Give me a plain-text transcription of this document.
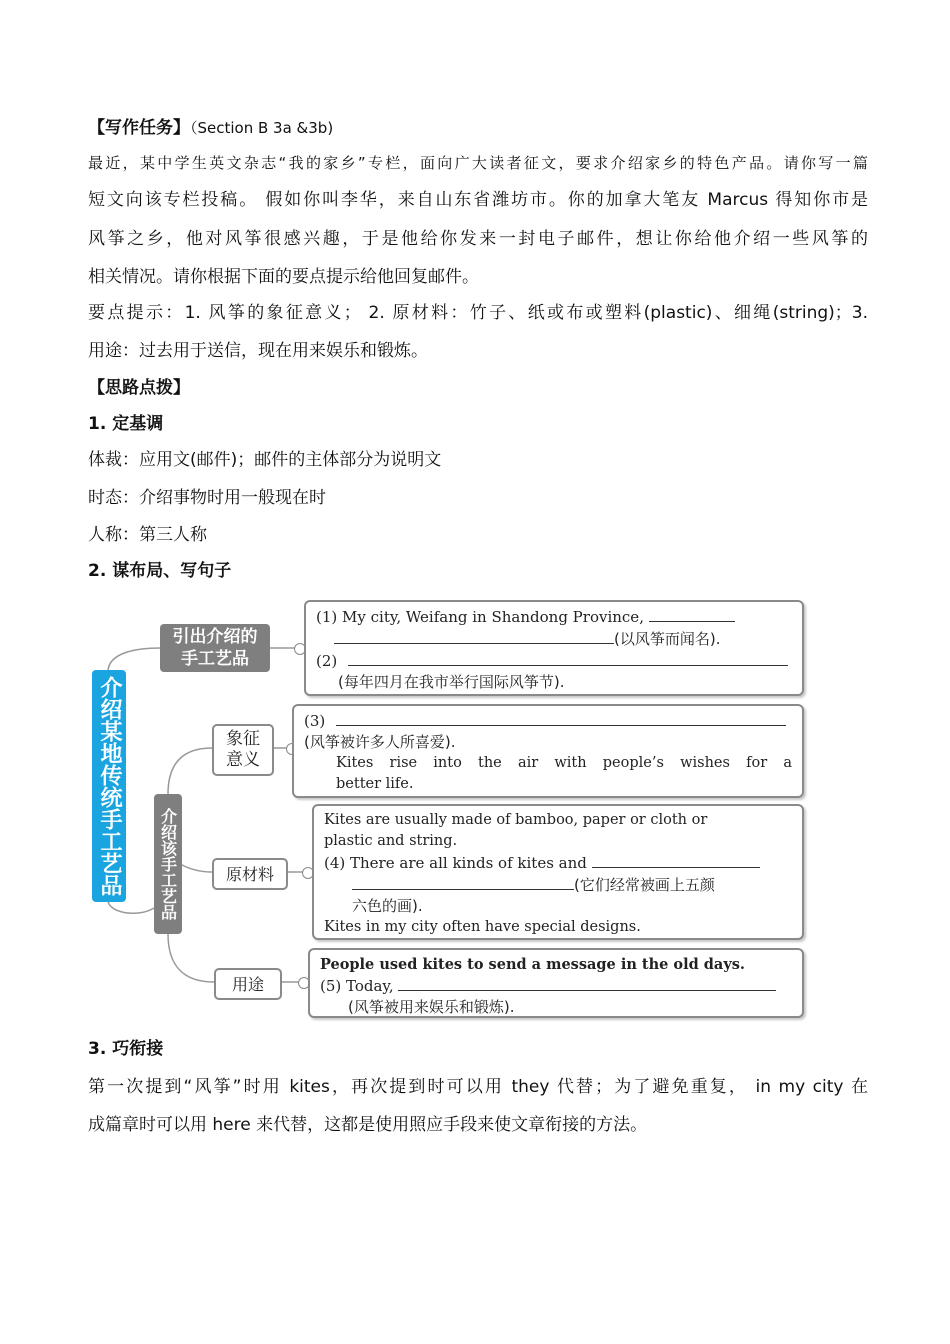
【写作任务】（Section B 3a &3b)
最近，某中学生英文杂志“我的家乡”专栏，面向广大读者征文，要求介绍家乡的特色产品。请你写一篇
短文向该专栏投稿。 假如你叫李华，来自山东省潍坊市。你的加拿大笔友 Marcus 得知你市是
风筝之乡，他对风筝很感兴趣，于是他给你发来一封电子邮件，想让你给他介绍一些风筝的
相关情况。请你根据下面的要点提示给他回复邮件。
要点提示：1. 风筝的象征意义； 2. 原材料：竹子、纸或布或塑料(plastic)、细绳(string)；3.
用途：过去用于送信，现在用来娱乐和锻炼。
【思路点拨】
1. 定基调
体裁：应用文(邮件)；邮件的主体部分为说明文
时态：介绍事物时用一般现在时
人称：第三人称
2. 谋布局、写句子
介绍某地传统手工艺品
引出介绍的手工艺品
介绍该手工艺品
象征意义
原材料
用途
(1) My city, Weifang in Shandong Province,
(以风筝而闻名).
(2)
(每年四月在我市举行国际风筝节).
(3)
(风筝被许多人所喜爱).
Kites rise into the air with people’s wishes for a
better life.
Kites are usually made of bamboo, paper or cloth or
plastic and string.
(4) There are all kinds of kites and
(它们经常被画上五颜
六色的画).
Kites in my city often have special designs.
People used kites to send a message in the old days.
(5) Today,
(风筝被用来娱乐和锻炼).
3. 巧衔接
第一次提到“风筝”时用 kites，再次提到时可以用 they 代替；为了避免重复， in my city 在
成篇章时可以用 here 来代替，这都是使用照应手段来使文章衔接的方法。
